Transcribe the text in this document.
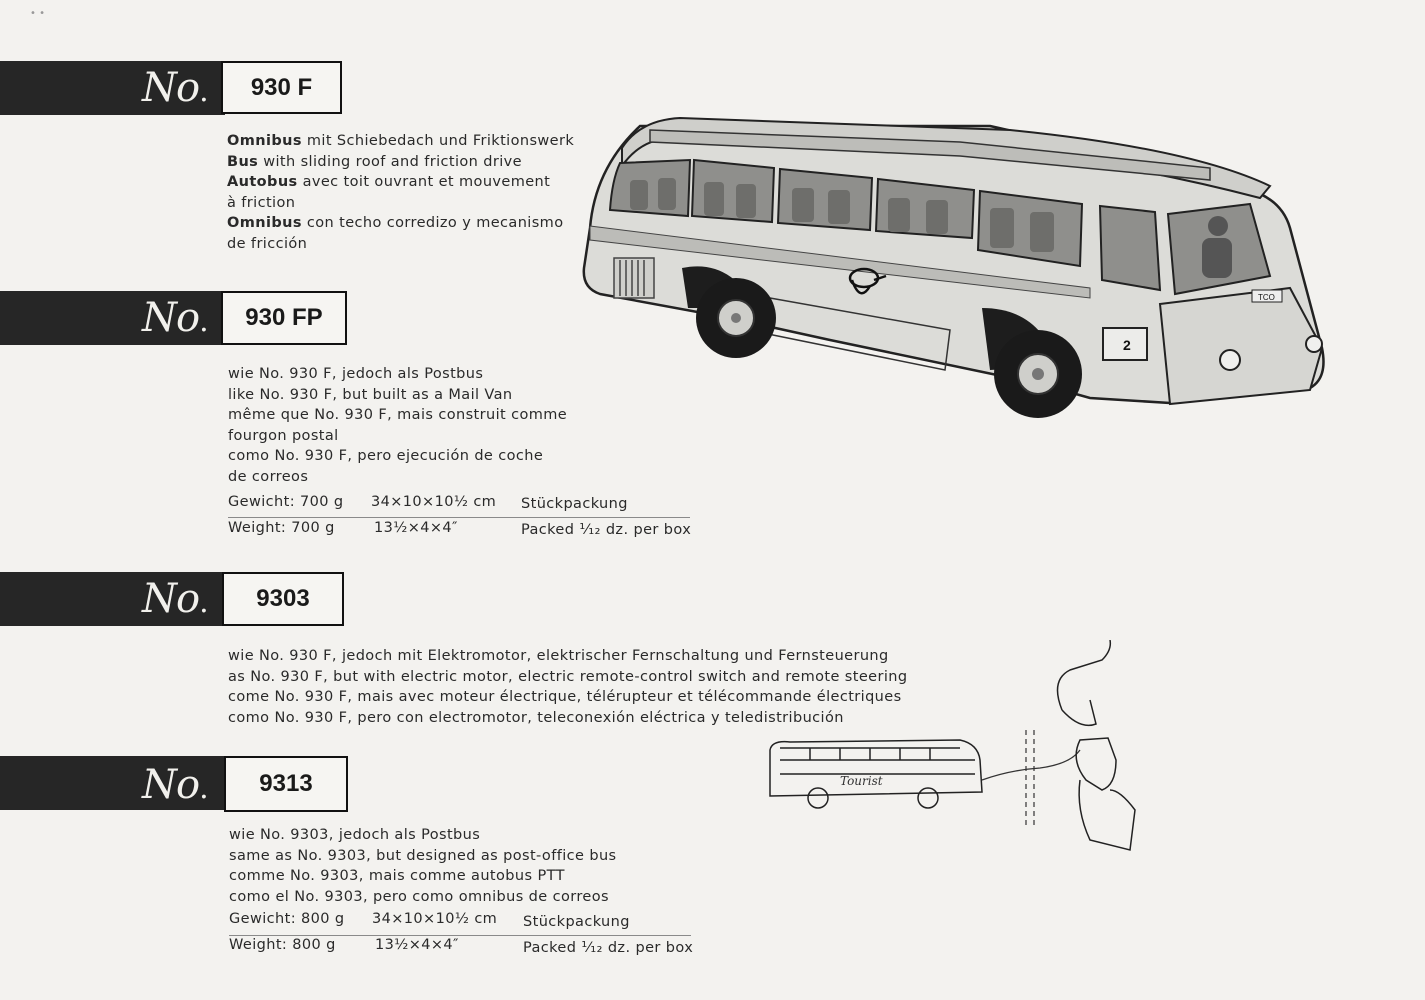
• •
No.	930 F
Omnibus mit Schiebedach und Friktionswerk
Bus with sliding roof and friction drive
Autobus avec toit ouvrant et mouvement
à friction
Omnibus con techo corredizo y mecanismo
de fricción
No.	930 FP
wie No. 930 F, jedoch als Postbus
like No. 930 F, but built as a Mail Van
même que No. 930 F, mais construit comme
fourgon postal
como No. 930 F, pero ejecución de coche
de correos
Gewicht: 700 g 34×10×10½ cm Stückpackung
Weight: 700 g	13½×4×4″	Packed ¹⁄₁₂ dz. per box
No.	9303
wie No. 930 F, jedoch mit Elektromotor, elektrischer Fernschaltung und Fernsteuerung
as No. 930 F, but with electric motor, electric remote-control switch and remote steering
come No. 930 F, mais avec moteur électrique, télérupteur et télécommande électriques
como No. 930 F, pero con electromotor, teleconexión eléctrica y teledistribución
No.	9313
wie No. 9303, jedoch als Postbus
same as No. 9303, but designed as post-office bus
comme No. 9303, mais comme autobus PTT
como el No. 9303, pero como omnibus de correos
Gewicht: 800 g 34×10×10½ cm Stückpackung
Weight: 800 g	13½×4×4″	Packed ¹⁄₁₂ dz. per box
2
TCO
Tourist
